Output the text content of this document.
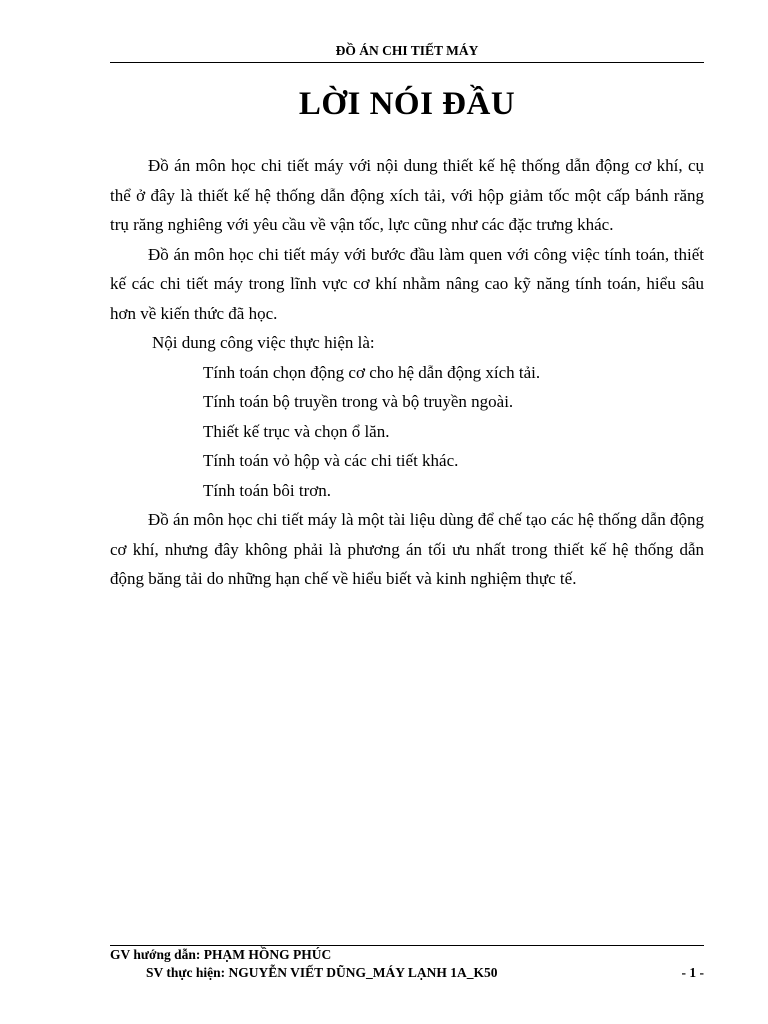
ĐỒ ÁN CHI TIẾT MÁY
LỜI NÓI ĐẦU

Đồ án môn học chi tiết máy với nội dung thiết kế hệ thống dẫn động cơ khí, cụ thể ở đây là thiết kế hệ thống dẫn động xích tải, với hộp giảm tốc một cấp bánh răng trụ răng nghiêng với yêu cầu về vận tốc, lực cũng như các đặc trưng khác.

Đồ án môn học chi tiết máy với bước đầu làm quen với công việc tính toán, thiết kế các chi tiết máy trong lĩnh vực cơ khí nhằm nâng cao kỹ năng tính toán, hiểu sâu hơn về kiến thức đã học.

Nội dung công việc thực hiện là:

Tính toán chọn động cơ cho hệ dẫn động xích tải.
Tính toán bộ truyền trong và bộ truyền ngoài.
Thiết kế trục và chọn ổ lăn.
Tính toán vỏ hộp và các chi tiết khác.
Tính toán bôi trơn.

Đồ án môn học chi tiết máy là một tài liệu dùng để chế tạo các hệ thống dẫn động cơ khí, nhưng đây không phải là phương án tối ưu nhất trong thiết kế hệ thống dẫn động băng tải do những hạn chế về hiểu biết và kinh nghiệm thực tế.

GV hướng dẫn: PHẠM HỒNG PHÚC
SV thực hiện: NGUYỄN VIẾT DŨNG_MÁY LẠNH 1A_K50	- 1 -
